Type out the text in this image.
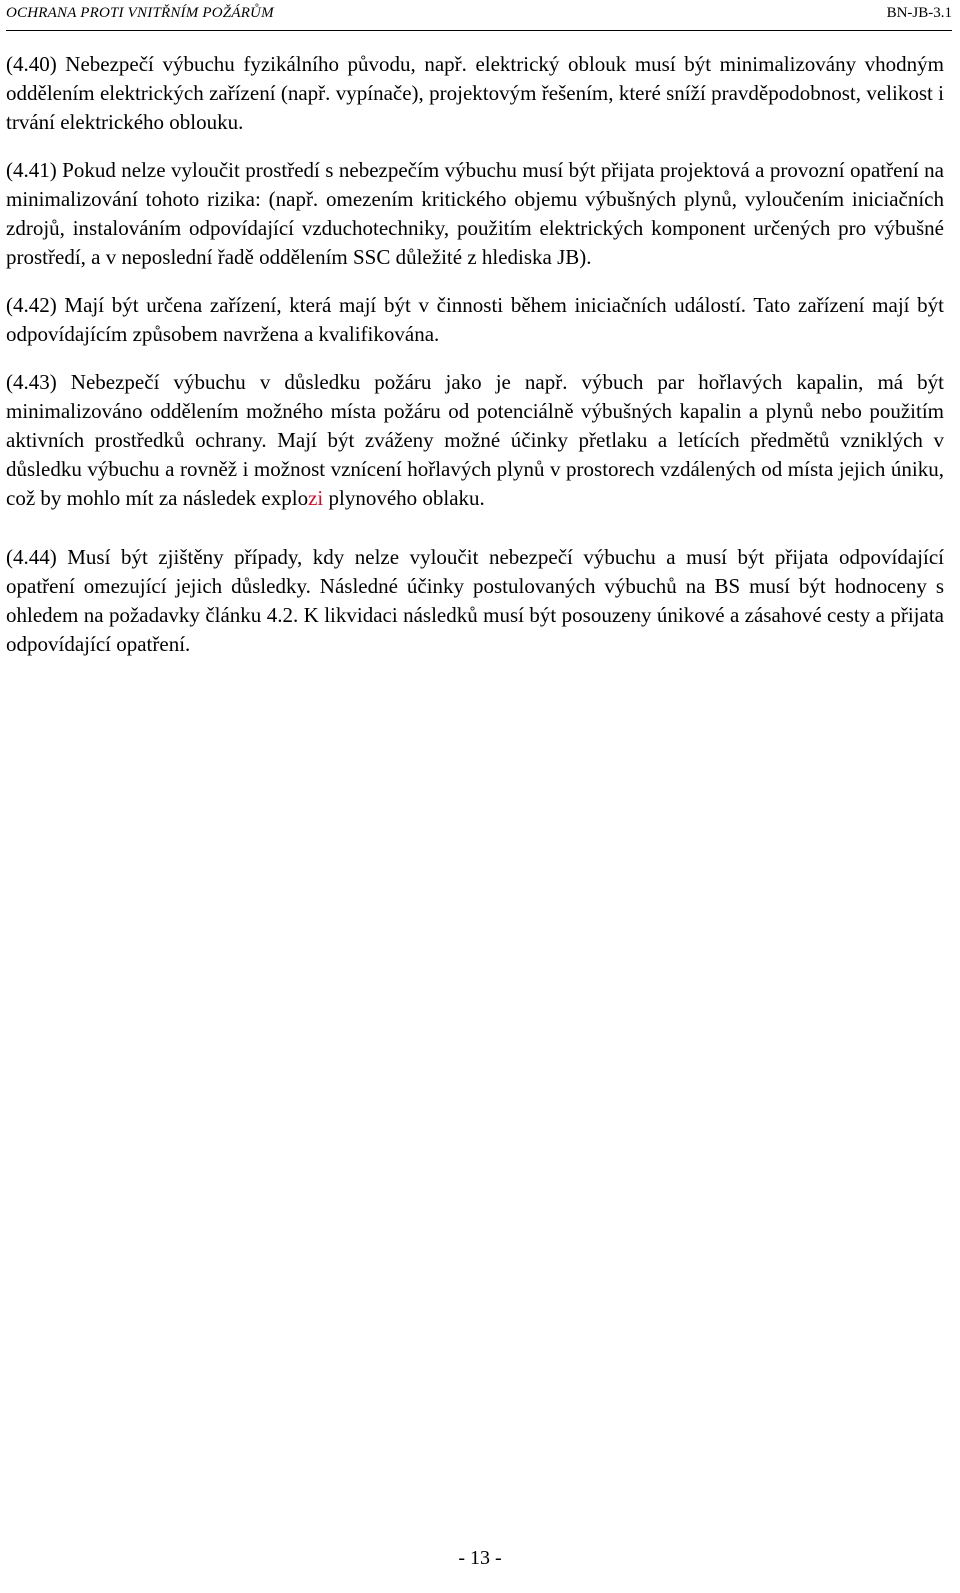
OCHRANA PROTI VNITŘNÍM POŽÁRŮM	BN-JB-3.1

(4.40) Nebezpečí výbuchu fyzikálního původu, např. elektrický oblouk musí být minimalizovány vhodným oddělením elektrických zařízení (např. vypínače), projektovým řešením, které sníží pravděpodobnost, velikost i trvání elektrického oblouku.

(4.41) Pokud nelze vyloučit prostředí s nebezpečím výbuchu musí být přijata projektová a provozní opatření na minimalizování tohoto rizika: (např. omezením kritického objemu výbušných plynů, vyloučením iniciačních zdrojů, instalováním odpovídající vzduchotechniky, použitím elektrických komponent určených pro výbušné prostředí, a v neposlední řadě oddělením SSC důležité z hlediska JB).

(4.42) Mají být určena zařízení, která mají být v činnosti během iniciačních událostí. Tato zařízení mají být odpovídajícím způsobem navržena a kvalifikována.

(4.43) Nebezpečí výbuchu v důsledku požáru jako je např. výbuch par hořlavých kapalin, má být minimalizováno oddělením možného místa požáru od potenciálně výbušných kapalin a plynů nebo použitím aktivních prostředků ochrany. Mají být zváženy možné účinky přetlaku a letících předmětů vzniklých v důsledku výbuchu a rovněž i možnost vznícení hořlavých plynů v prostorech vzdálených od místa jejich úniku, což by mohlo mít za následek explozi plynového oblaku.

(4.44) Musí být zjištěny případy, kdy nelze vyloučit nebezpečí výbuchu a musí být přijata odpovídající opatření omezující jejich důsledky. Následné účinky postulovaných výbuchů na BS musí být hodnoceny s ohledem na požadavky článku 4.2. K likvidaci následků musí být posouzeny únikové a zásahové cesty a přijata odpovídající opatření.

- 13 -
